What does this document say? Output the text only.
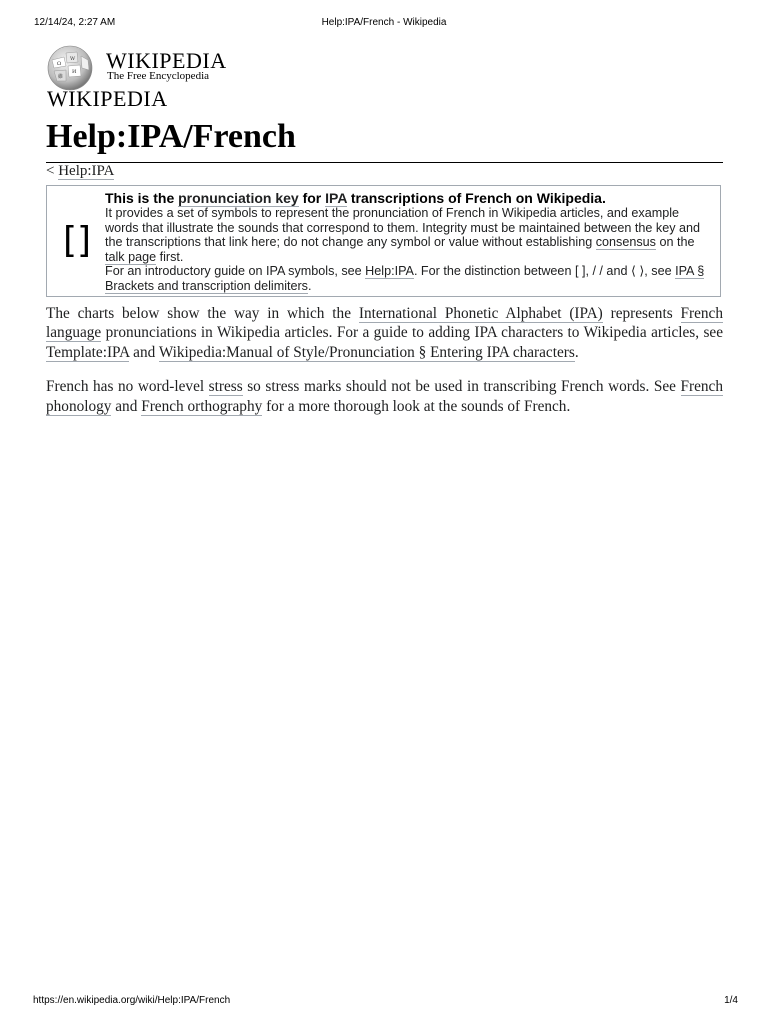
12/14/24, 2:27 AM	Help:IPA/French - Wikipedia
Ω
W
И
維
WIKIPEDIA
The Free Encyclopedia
WIKIPEDIA
Help:IPA/French
< Help:IPA
[]
This is the pronunciation key for IPA transcriptions of French on Wikipedia.
It provides a set of symbols to represent the pronunciation of French in Wikipedia articles, and example words that illustrate the sounds that correspond to them. Integrity must be maintained between the key and the transcriptions that link here; do not change any symbol or value without establishing consensus on the talk page first.
For an introductory guide on IPA symbols, see Help:IPA. For the distinction between [ ], / / and ⟨ ⟩, see IPA § Brackets and transcription delimiters.

The charts below show the way in which the International Phonetic Alphabet (IPA) represents French language pronunciations in Wikipedia articles. For a guide to adding IPA characters to Wikipedia articles, see Template:IPA and Wikipedia:Manual of Style/Pronunciation § Entering IPA characters.

French has no word-level stress so stress marks should not be used in transcribing French words. See French phonology and French orthography for a more thorough look at the sounds of French.

https://en.wikipedia.org/wiki/Help:IPA/French	1/4
